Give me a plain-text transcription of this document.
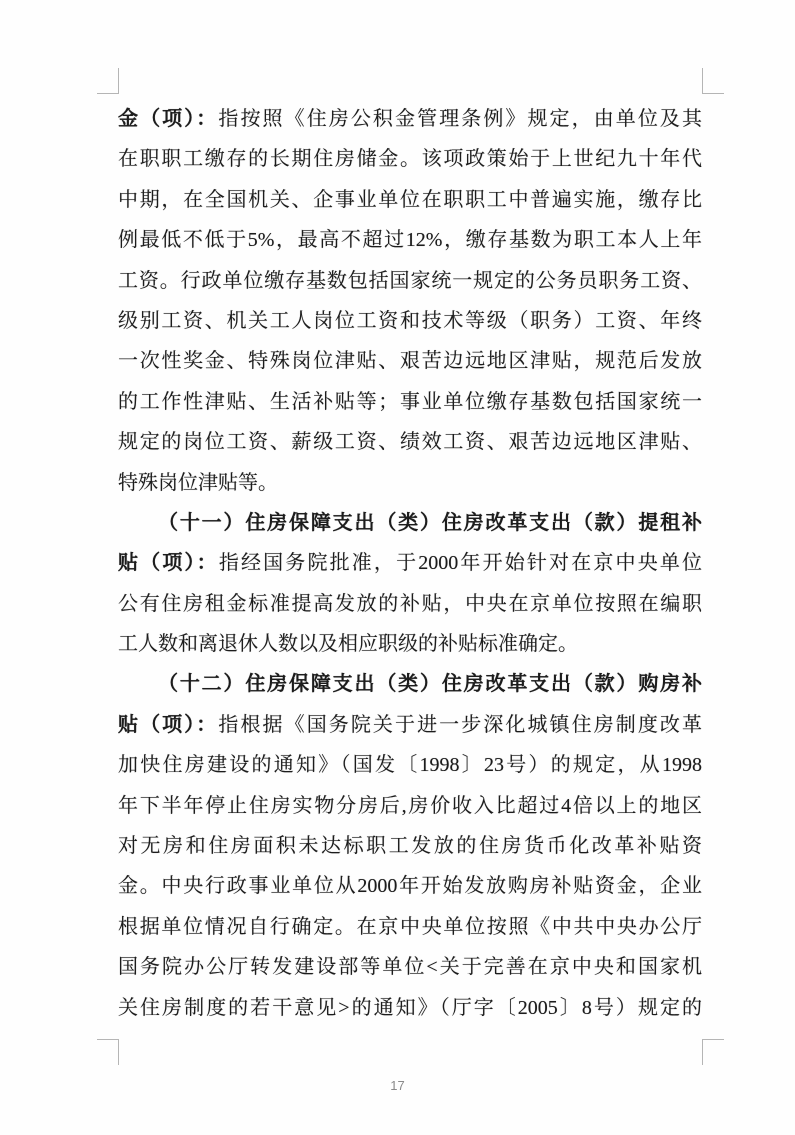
金（项）：指按照《住房公积金管理条例》规定，由单位及其
在职职工缴存的长期住房储金。该项政策始于上世纪九十年代
中期，在全国机关、企事业单位在职职工中普遍实施，缴存比
例最低不低于5%，最高不超过12%，缴存基数为职工本人上年
工资。行政单位缴存基数包括国家统一规定的公务员职务工资、
级别工资、机关工人岗位工资和技术等级（职务）工资、年终
一次性奖金、特殊岗位津贴、艰苦边远地区津贴，规范后发放
的工作性津贴、生活补贴等；事业单位缴存基数包括国家统一
规定的岗位工资、薪级工资、绩效工资、艰苦边远地区津贴、
特殊岗位津贴等。
（十一）住房保障支出（类）住房改革支出（款）提租补
贴（项）：指经国务院批准，于2000年开始针对在京中央单位
公有住房租金标准提高发放的补贴，中央在京单位按照在编职
工人数和离退休人数以及相应职级的补贴标准确定。
（十二）住房保障支出（类）住房改革支出（款）购房补
贴（项）：指根据《国务院关于进一步深化城镇住房制度改革
加快住房建设的通知》（国发〔1998〕23号）的规定，从1998
年下半年停止住房实物分房后,房价收入比超过4倍以上的地区
对无房和住房面积未达标职工发放的住房货币化改革补贴资
金。中央行政事业单位从2000年开始发放购房补贴资金，企业
根据单位情况自行确定。在京中央单位按照《中共中央办公厅
国务院办公厅转发建设部等单位<关于完善在京中央和国家机
关住房制度的若干意见>的通知》（厅字〔2005〕8号）规定的
17
